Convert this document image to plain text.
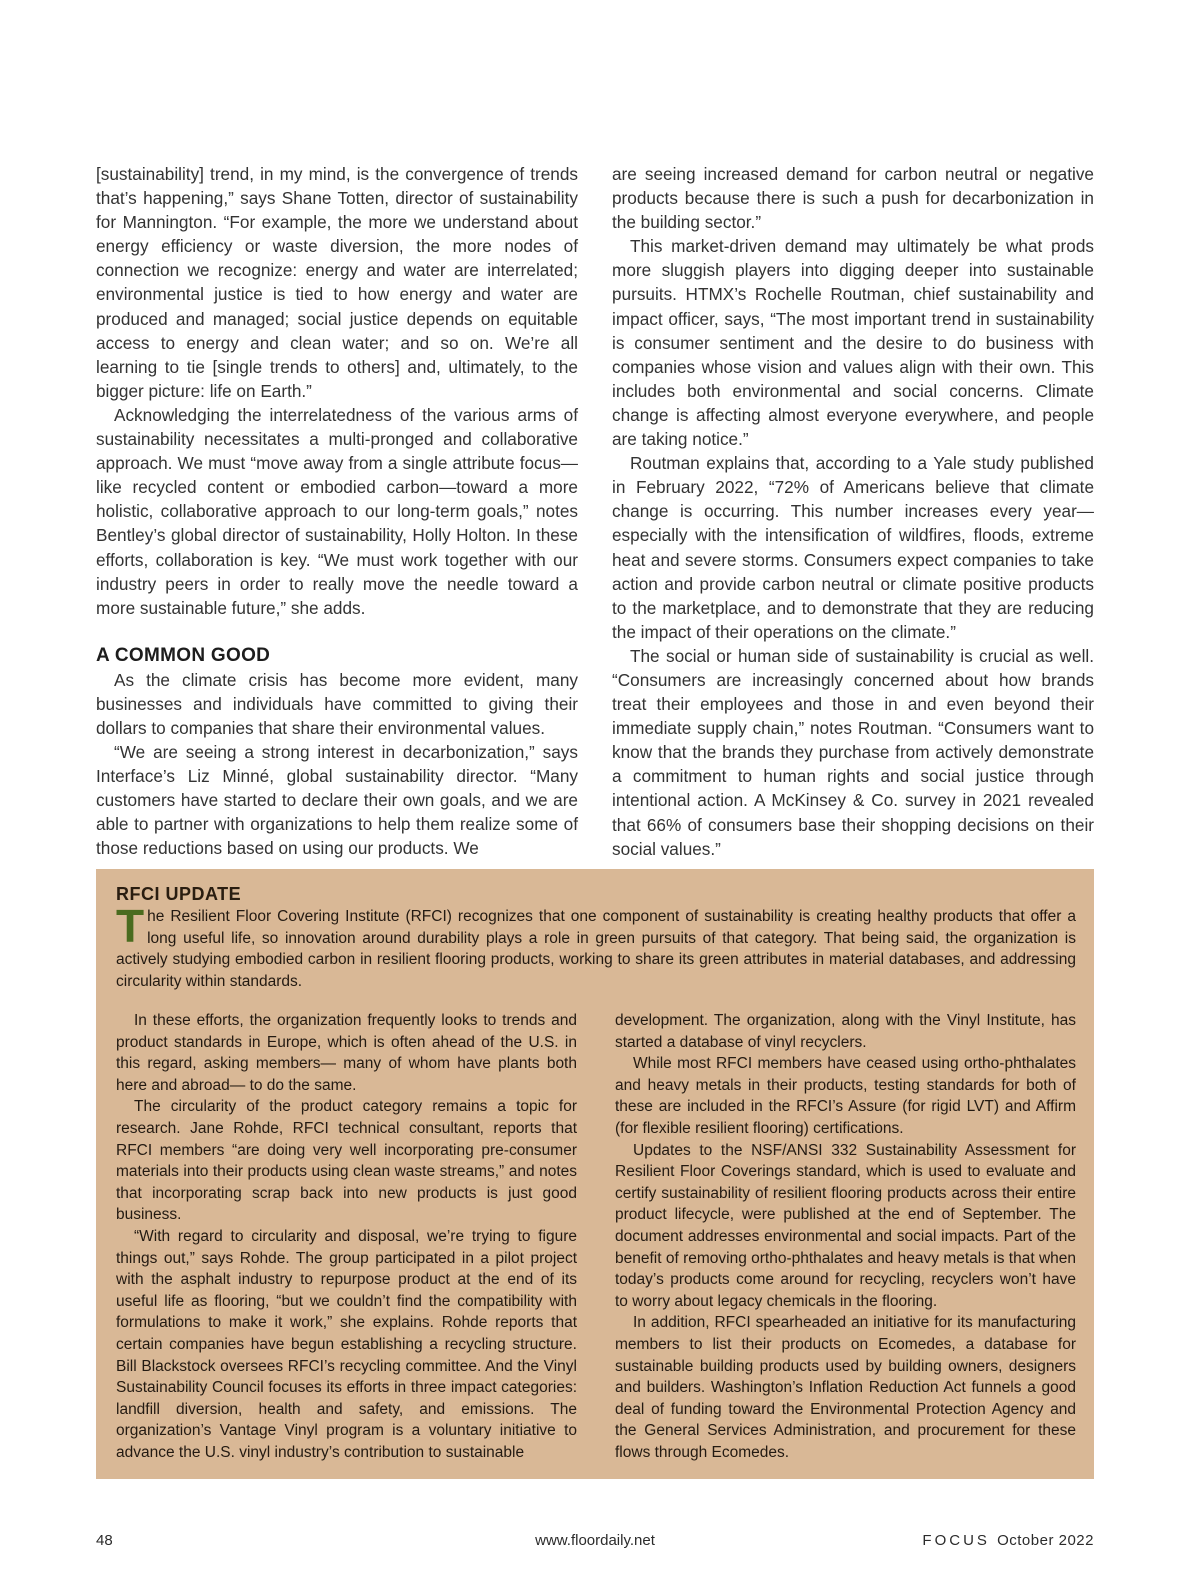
[sustainability] trend, in my mind, is the convergence of trends that’s happening,” says Shane Totten, director of sustainability for Mannington. “For example, the more we understand about energy efficiency or waste diversion, the more nodes of connection we recognize: energy and water are interrelated; environmental justice is tied to how energy and water are produced and managed; social justice depends on equitable access to energy and clean water; and so on. We’re all learning to tie [single trends to others] and, ultimately, to the bigger picture: life on Earth.”

Acknowledging the interrelatedness of the various arms of sustainability necessitates a multi-pronged and collaborative approach. We must “move away from a single attribute focus—like recycled content or embodied carbon—toward a more holistic, collaborative approach to our long-term goals,” notes Bentley’s global director of sustainability, Holly Holton. In these efforts, collaboration is key. “We must work together with our industry peers in order to really move the needle toward a more sustainable future,” she adds.

A COMMON GOOD

As the climate crisis has become more evident, many businesses and individuals have committed to giving their dollars to companies that share their environmental values.

“We are seeing a strong interest in decarbonization,” says Interface’s Liz Minné, global sustainability director. “Many customers have started to declare their own goals, and we are able to partner with organizations to help them realize some of those reductions based on using our products. We

are seeing increased demand for carbon neutral or negative products because there is such a push for decarbonization in the building sector.”

This market-driven demand may ultimately be what prods more sluggish players into digging deeper into sustainable pursuits. HTMX’s Rochelle Routman, chief sustainability and impact officer, says, “The most important trend in sustainability is consumer sentiment and the desire to do business with companies whose vision and values align with their own. This includes both environmental and social concerns. Climate change is affecting almost everyone everywhere, and people are taking notice.”

Routman explains that, according to a Yale study published in February 2022, “72% of Americans believe that climate change is occurring. This number increases every year—especially with the intensification of wildfires, floods, extreme heat and severe storms. Consumers expect companies to take action and provide carbon neutral or climate positive products to the marketplace, and to demonstrate that they are reducing the impact of their operations on the climate.”

The social or human side of sustainability is crucial as well. “Consumers are increasingly concerned about how brands treat their employees and those in and even beyond their immediate supply chain,” notes Routman. “Consumers want to know that the brands they purchase from actively demonstrate a commitment to human rights and social justice through intentional action. A McKinsey & Co. survey in 2021 revealed that 66% of consumers base their shopping decisions on their social values.”

RFCI UPDATE

The Resilient Floor Covering Institute (RFCI) recognizes that one component of sustainability is creating healthy products that offer a long useful life, so innovation around durability plays a role in green pursuits of that category. That being said, the organization is actively studying embodied carbon in resilient flooring products, working to share its green attributes in material databases, and addressing circularity within standards.

In these efforts, the organization frequently looks to trends and product standards in Europe, which is often ahead of the U.S. in this regard, asking members— many of whom have plants both here and abroad— to do the same.

The circularity of the product category remains a topic for research. Jane Rohde, RFCI technical consultant, reports that RFCI members “are doing very well incorporating pre-consumer materials into their products using clean waste streams,” and notes that incorporating scrap back into new products is just good business.

“With regard to circularity and disposal, we’re trying to figure things out,” says Rohde. The group participated in a pilot project with the asphalt industry to repurpose product at the end of its useful life as flooring, “but we couldn’t find the compatibility with formulations to make it work,” she explains. Rohde reports that certain companies have begun establishing a recycling structure. Bill Blackstock oversees RFCI’s recycling committee. And the Vinyl Sustainability Council focuses its efforts in three impact categories: landfill diversion, health and safety, and emissions. The organization’s Vantage Vinyl program is a voluntary initiative to advance the U.S. vinyl industry’s contribution to sustainable

development. The organization, along with the Vinyl Institute, has started a database of vinyl recyclers.

While most RFCI members have ceased using ortho-phthalates and heavy metals in their products, testing standards for both of these are included in the RFCI’s Assure (for rigid LVT) and Affirm (for flexible resilient flooring) certifications.

Updates to the NSF/ANSI 332 Sustainability Assessment for Resilient Floor Coverings standard, which is used to evaluate and certify sustainability of resilient flooring products across their entire product lifecycle, were published at the end of September. The document addresses environmental and social impacts. Part of the benefit of removing ortho-phthalates and heavy metals is that when today’s products come around for recycling, recyclers won’t have to worry about legacy chemicals in the flooring.

In addition, RFCI spearheaded an initiative for its manufacturing members to list their products on Ecomedes, a database for sustainable building products used by building owners, designers and builders. Washington’s Inflation Reduction Act funnels a good deal of funding toward the Environmental Protection Agency and the General Services Administration, and procurement for these flows through Ecomedes.

48	www.floordaily.net	FOCUS October 2022
